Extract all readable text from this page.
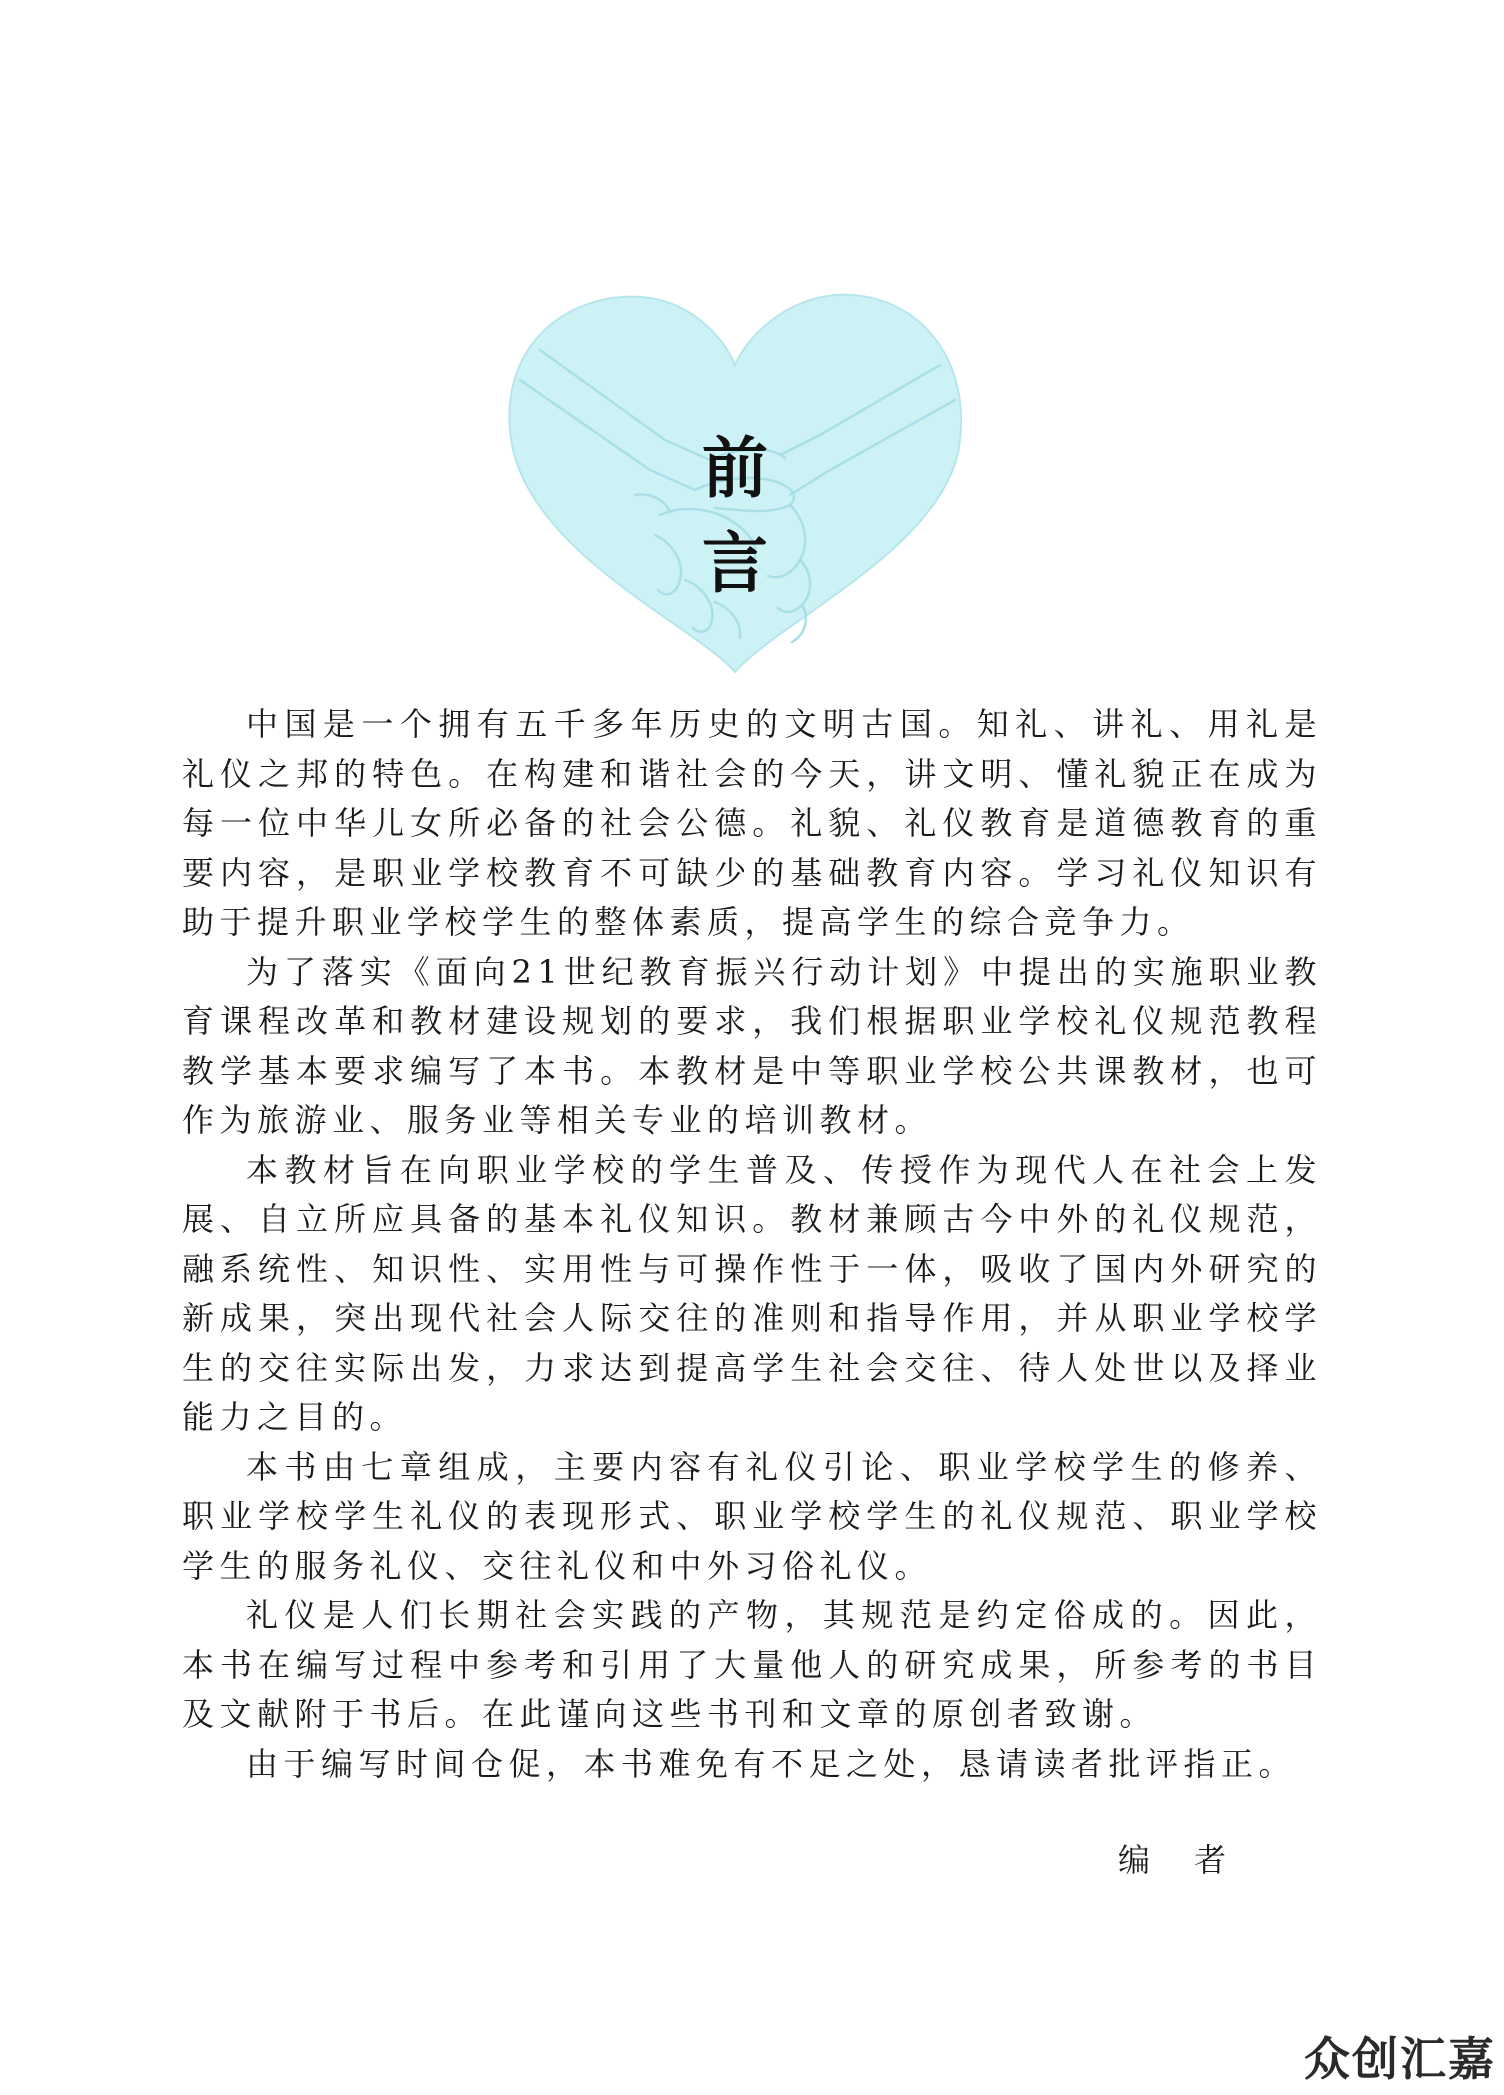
前言

中国是一个拥有五千多年历史的文明古国。知礼、讲礼、用礼是礼仪之邦的特色。在构建和谐社会的今天，讲文明、懂礼貌正在成为每一位中华儿女所必备的社会公德。礼貌、礼仪教育是道德教育的重要内容，是职业学校教育不可缺少的基础教育内容。学习礼仪知识有助于提升职业学校学生的整体素质，提高学生的综合竞争力。

为了落实《面向21世纪教育振兴行动计划》中提出的实施职业教育课程改革和教材建设规划的要求，我们根据职业学校礼仪规范教程教学基本要求编写了本书。本教材是中等职业学校公共课教材，也可作为旅游业、服务业等相关专业的培训教材。

本教材旨在向职业学校的学生普及、传授作为现代人在社会上发展、自立所应具备的基本礼仪知识。教材兼顾古今中外的礼仪规范，融系统性、知识性、实用性与可操作性于一体，吸收了国内外研究的新成果，突出现代社会人际交往的准则和指导作用，并从职业学校学生的交往实际出发，力求达到提高学生社会交往、待人处世以及择业能力之目的。

本书由七章组成，主要内容有礼仪引论、职业学校学生的修养、职业学校学生礼仪的表现形式、职业学校学生的礼仪规范、职业学校学生的服务礼仪、交往礼仪和中外习俗礼仪。

礼仪是人们长期社会实践的产物，其规范是约定俗成的。因此，本书在编写过程中参考和引用了大量他人的研究成果，所参考的书目及文献附于书后。在此谨向这些书刊和文章的原创者致谢。

由于编写时间仓促，本书难免有不足之处，恳请读者批评指正。

编者
众创汇嘉
